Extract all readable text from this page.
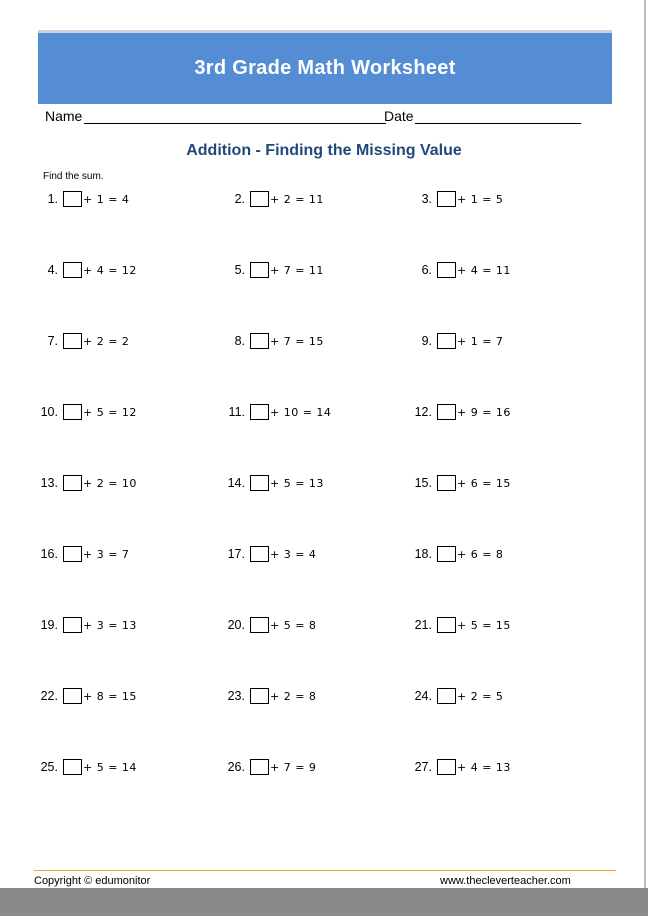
3rd Grade Math Worksheet
Name	Date
Addition - Finding the Missing Value
Find the sum.
1. + 1 = 4	2. + 2 = 11	3. + 1 = 5
4. + 4 = 12	5. + 7 = 11	6. + 4 = 11
7. + 2 = 2	8. + 7 = 15	9. + 1 = 7
10. + 5 = 12	11. + 10 = 14	12. + 9 = 16
13. + 2 = 10	14. + 5 = 13	15. + 6 = 15
16. + 3 = 7	17. + 3 = 4	18. + 6 = 8
19. + 3 = 13	20. + 5 = 8	21. + 5 = 15
22. + 8 = 15	23. + 2 = 8	24. + 2 = 5
25. + 5 = 14	26. + 7 = 9	27. + 4 = 13
Copyright © edumonitor	www.thecleverteacher.com
